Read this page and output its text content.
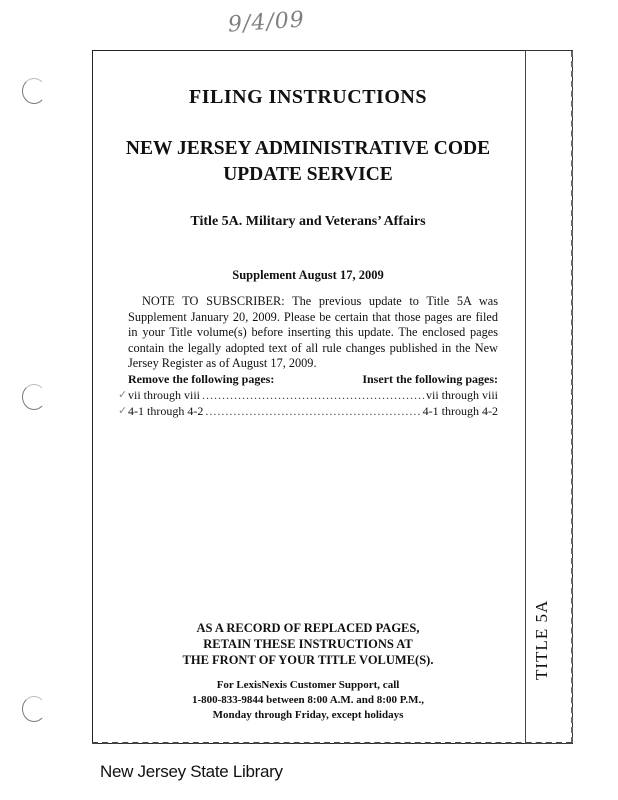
9/4/09
TITLE 5A
FILING INSTRUCTIONS
NEW JERSEY ADMINISTRATIVE CODE
UPDATE SERVICE
Title 5A. Military and Veterans’ Affairs
Supplement August 17, 2009
NOTE TO SUBSCRIBER: The previous update to Title 5A was Supplement January 20, 2009. Please be certain that those pages are filed in your Title volume(s) before inserting this update. The enclosed pages contain the legally adopted text of all rule changes published in the New Jersey Register as of August 17, 2009.
Remove the following pages:	Insert the following pages:
✓ vii through viii .....	vii through viii
✓ 4-1 through 4-2 .....	4-1 through 4-2
AS A RECORD OF REPLACED PAGES,
RETAIN THESE INSTRUCTIONS AT
THE FRONT OF YOUR TITLE VOLUME(S).
For LexisNexis Customer Support, call
1-800-833-9844 between 8:00 A.M. and 8:00 P.M.,
Monday through Friday, except holidays
New Jersey State Library
